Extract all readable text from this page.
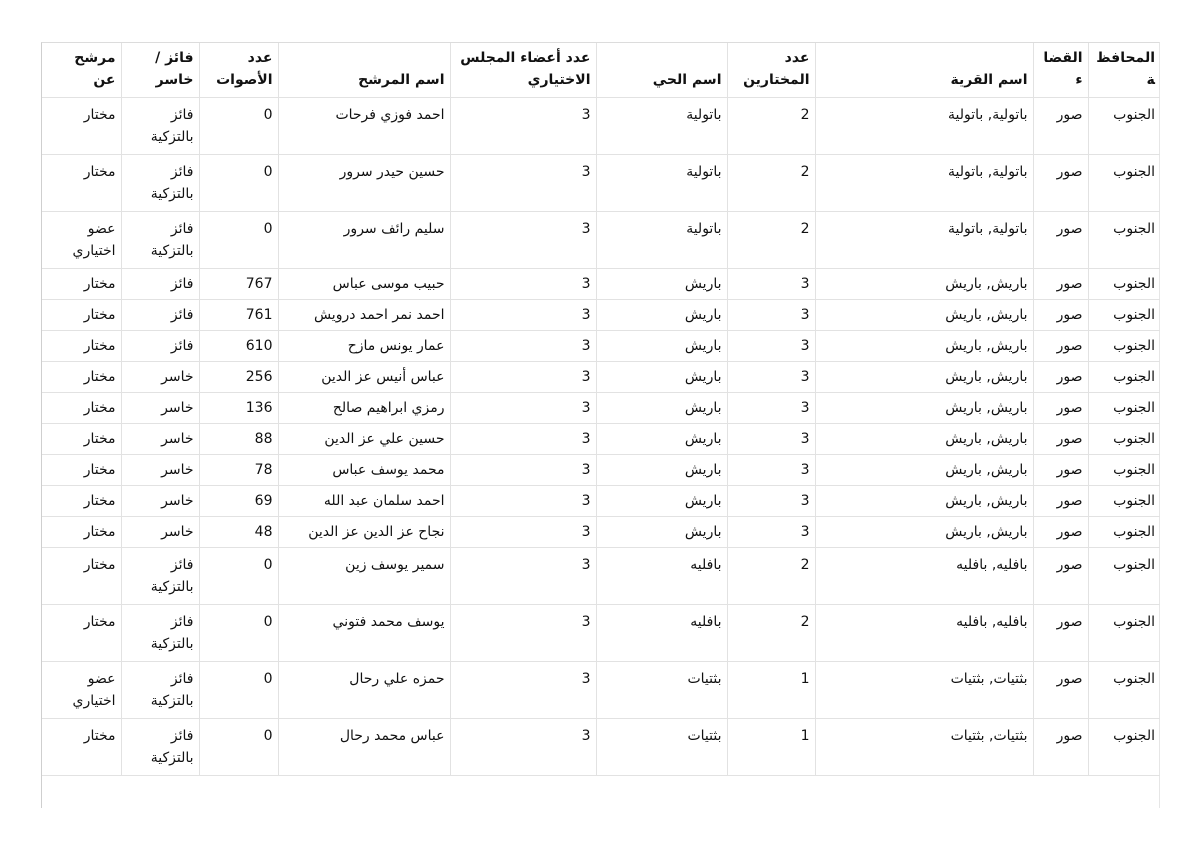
المحافظة	القضاء	اسم القرية	عدد المختارين	اسم الحي	عدد أعضاء المجلس الاختياري	اسم المرشح	عدد الأصوات	فائز / خاسر	مرشح عن
الجنوب	صور	باتولية, باتولية	2	باتولية	3	احمد فوزي فرحات	0	فائز بالتزكية	مختار
الجنوب	صور	باتولية, باتولية	2	باتولية	3	حسين حيدر سرور	0	فائز بالتزكية	مختار
الجنوب	صور	باتولية, باتولية	2	باتولية	3	سليم رائف سرور	0	فائز بالتزكية	عضو اختياري
الجنوب	صور	باريش, باريش	3	باريش	3	حبيب موسى عباس	767	فائز	مختار
الجنوب	صور	باريش, باريش	3	باريش	3	احمد نمر احمد درويش	761	فائز	مختار
الجنوب	صور	باريش, باريش	3	باريش	3	عمار يونس مازح	610	فائز	مختار
الجنوب	صور	باريش, باريش	3	باريش	3	عباس أنيس عز الدين	256	خاسر	مختار
الجنوب	صور	باريش, باريش	3	باريش	3	رمزي ابراهيم صالح	136	خاسر	مختار
الجنوب	صور	باريش, باريش	3	باريش	3	حسين علي عز الدين	88	خاسر	مختار
الجنوب	صور	باريش, باريش	3	باريش	3	محمد يوسف عباس	78	خاسر	مختار
الجنوب	صور	باريش, باريش	3	باريش	3	احمد سلمان عبد الله	69	خاسر	مختار
الجنوب	صور	باريش, باريش	3	باريش	3	نجاح عز الدين عز الدين	48	خاسر	مختار
الجنوب	صور	بافليه, بافليه	2	بافليه	3	سمير يوسف زين	0	فائز بالتزكية	مختار
الجنوب	صور	بافليه, بافليه	2	بافليه	3	يوسف محمد فتوني	0	فائز بالتزكية	مختار
الجنوب	صور	بثتيات, بثتيات	1	بثتيات	3	حمزه علي رحال	0	فائز بالتزكية	عضو اختياري
الجنوب	صور	بثتيات, بثتيات	1	بثتيات	3	عباس محمد رحال	0	فائز بالتزكية	مختار
